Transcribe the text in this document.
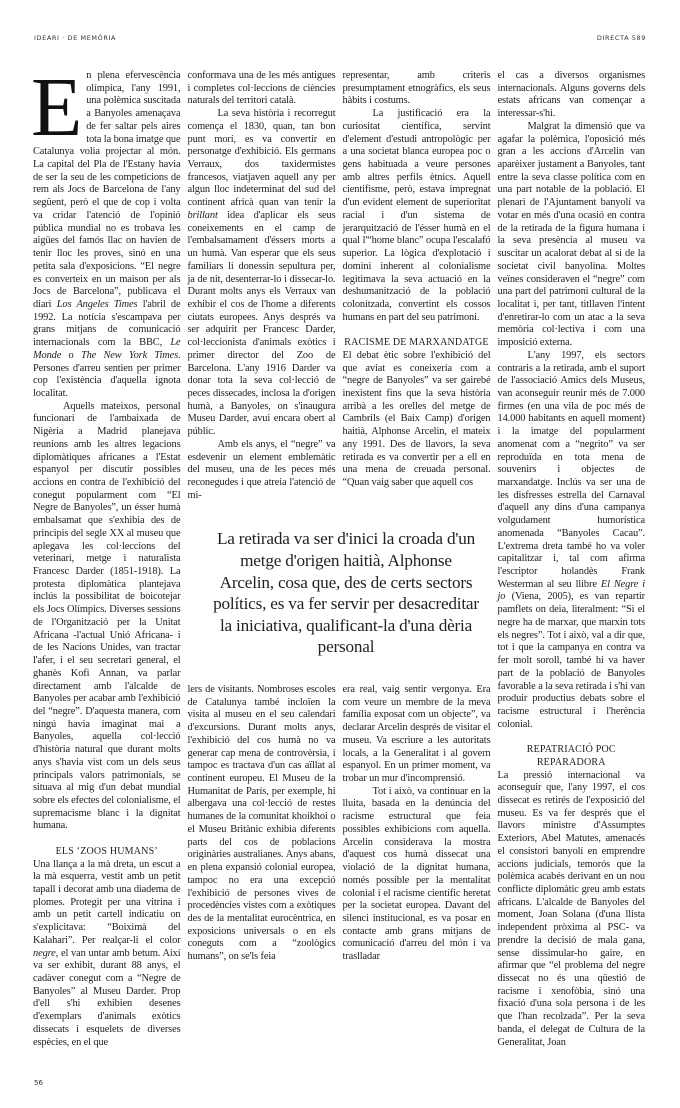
IDEARI · DE MEMÒRIA	DIRECTA 589

En plena efervescència olímpica, l'any 1991, una polèmica suscitada a Banyoles amenaçava de fer saltar pels aires tota la bona imatge que Catalunya volia projectar al món. La capital del Pla de l'Estany havia de ser la seu de les competicions de rem als Jocs de Barcelona de l'any següent, però el que de cop i volta va cridar l'atenció de l'opinió pública mundial no es trobava les aigües del famós llac on havien de tenir lloc les proves, sinó en una petita sala d'exposicions. “El negre es converteix en un maison per als Jocs de Barcelona”, publicava el diari Los Angeles Times l'abril de 1992. La notícia s'escampava per grans mitjans de comunicació internacionals com la BBC, Le Monde o The New York Times. Persones d'arreu sentien per primer cop l'existència d'aquella ignota localitat.

Aquells mateixos, personal funcionari de l'ambaixada de Nigèria a Madrid planejava reunions amb les altres legacions diplomàtiques africanes a l'Estat espanyol per discutir possibles accions en contra de l'exhibició del conegut popularment com “El Negre de Banyoles”, un ésser humà embalsamat que s'exhibia des de principis del segle XX al museu que aplegava les col·leccions del veterinari, metge i naturalista Francesc Darder (1851-1918). La protesta diplomàtica plantejava inclús la possibilitat de boicotejar els Jocs Olímpics. Diverses sessions de l'Organització per la Unitat Africana -l'actual Unió Africana- i de les Nacions Unides, van tractar l'afer, i el seu secretari general, el ghanès Kofi Annan, va parlar directament amb l'alcalde de Banyoles per acabar amb l'exhibició del “negre”. D'aquesta manera, com ningú havia imaginat mai a Banyoles, aquella col·lecció d'història natural que durant molts anys s'havia vist com un dels seus principals valors patrimonials, se situava al mig d'un debat mundial sobre els efectes del colonialisme, el supremacisme blanc i la dignitat humana.

ELS ‘ZOOS HUMANS’

Una llança a la mà dreta, un escut a la mà esquerra, vestit amb un petit tapall i decorat amb una diadema de plomes. Protegit per una vitrina i amb un petit cartell indicatiu on s'explicitava: “Boiximà del Kalahari”. Per realçar-li el color negre, el van untar amb betum. Així va ser exhibit, durant 88 anys, el cadàver conegut com a “Negre de Banyoles” al Museu Darder. Prop d'ell s'hi exhibien desenes d'exemplars d'animals exòtics dissecats i esquelets de diverses espècies, en el que

conformava una de les més antigues i completes col·leccions de ciències naturals del territori català.

La seva història i recorregut comença el 1830, quan, tan bon punt morí, es va convertir en personatge d'exhibició. Els germans Verraux, dos taxidermistes francesos, viatjaven aquell any per algun lloc indeterminat del sud del continent africà quan van tenir la brillant idea d'aplicar els seus coneixements en el camp de l'embalsamament d'éssers morts a un humà. Van esperar que els seus familiars li donessin sepultura per, ja de nit, desenterrar-lo i dissecar-lo. Durant molts anys els Verraux van exhibir el cos de l'home a diferents ciutats europees. Anys després va ser adquirit per Francesc Darder, col·leccionista d'animals exòtics i primer director del Zoo de Barcelona. L'any 1916 Darder va donar tota la seva col·lecció de peces dissecades, inclosa la d'origen humà, a Banyoles, on s'inaugura Museu Darder, avui encara obert al públic.

Amb els anys, el “negre” va esdevenir un element emblemàtic del museu, una de les peces més reconegudes i que atreia l'atenció de mi-

representar, amb criteris presumptament etnogràfics, els seus hàbits i costums.

La justificació era la curiositat científica, servint d'element d'estudi antropològic per a una societat blanca europea poc o gens habituada a veure persones amb altres perfils ètnics. Aquell cientifisme, però, estava impregnat d'un evident element de superioritat racial i d'un sistema de jerarquització de l'ésser humà en el qual l'“home blanc” ocupa l'escalafó superior. La lògica d'explotació i domini inherent al colonialisme legitimava la seva actuació en la deshumanització de la població colonitzada, convertint els cossos humans en part del seu patrimoni.

RACISME DE MARXANDATGE

El debat ètic sobre l'exhibició del que aviat es coneixeria com a “negre de Banyoles” va ser gairebé inexistent fins que la seva història arribà a les orelles del metge de Cambrils (el Baix Camp) d'origen haitià, Alphonse Arcelin, el mateix any 1991. Des de llavors, la seva retirada es va convertir per a ell en una mena de creuada personal. “Quan vaig saber que aquell cos

La retirada va ser d'inici la croada d'un metge d'origen haitià, Alphonse Arcelin, cosa que, des de certs sectors polítics, es va fer servir per desacreditar la iniciativa, qualificant-la d'una dèria personal

lers de visitants. Nombroses escoles de Catalunya també incloïen la visita al museu en el seu calendari d'excursions. Durant molts anys, l'exhibició del cos humà no va generar cap mena de controvèrsia, i tampoc es tractava d'un cas aïllat al continent europeu. El Museu de la Humanitat de París, per exemple, hi albergava una col·lecció de restes humanes de la comunitat khoikhoi o el Museu Britànic exhibia diferents parts del cos de poblacions originàries australianes. Anys abans, en plena expansió colonial europea, tampoc no era una excepció l'exhibició de persones vives de procedències vistes com a exòtiques des de la mentalitat eurocèntrica, en exposicions universals o en els coneguts com a “zoològics humans”, on se'ls feia

era real, vaig sentir vergonya. Era com veure un membre de la meva família exposat com un objecte”, va declarar Arcelin després de visitar el museu. Va escriure a les autoritats locals, a la Generalitat i al govern espanyol. En un primer moment, va trobar un mur d'incomprensió.

Tot i això, va continuar en la lluita, basada en la denúncia del racisme estructural que feia possibles exhibicions com aquella. Arcelin considerava la mostra d'aquest cos humà dissecat una violació de la dignitat humana, només possible per la mentalitat colonial i el racisme científic heretat per la societat europea. Davant del silenci institucional, es va posar en contacte amb grans mitjans de comunicació d'arreu del món i va traslladar

el cas a diversos organismes internacionals. Alguns governs dels estats africans van començar a interessar-s'hi.

Malgrat la dimensió que va agafar la polèmica, l'oposició més gran a les accions d'Arcelin van aparèixer justament a Banyoles, tant entre la seva classe política com en una part notable de la població. El plenari de l'Ajuntament banyolí va votar en més d'una ocasió en contra de la retirada de la figura humana i la seva presència al museu va suscitar un acalorat debat al si de la societat civil banyolina. Moltes veïnes consideraven el “negre” com una part del patrimoni cultural de la localitat i, per tant, titllaven l'intent d'enretirar-lo com un atac a la seva memòria col·lectiva i com una imposició externa.

L'any 1997, els sectors contraris a la retirada, amb el suport de l'associació Amics dels Museus, van aconseguir reunir més de 7.000 firmes (en una vila de poc més de 14.000 habitants en aquell moment) i la imatge del popularment anomenat com a “negrito” va ser reproduïda en tota mena de souvenirs i objectes de marxandatge. Inclús va ser una de les disfresses estrella del Carnaval d'aquell any dins d'una campanya volgudament humorística anomenada “Banyoles Cacau”. L'extrema dreta també ho va voler capitalitzar i, tal com afirma l'escriptor holandès Frank Westerman al seu llibre El Negre i jo (Viena, 2005), es van repartir pamflets on deia, literalment: “Si el negre ha de marxar, que marxin tots els negres”. Tot i això, val a dir que, tot i que la campanya en contra va fer molt soroll, també hi va haver part de la població de Banyoles favorable a la seva retirada i s'hi van produir productius debats sobre el racisme estructural i l'herència colonial.

REPATRIACIÓ POC REPARADORA

La pressió internacional va aconseguir que, l'any 1997, el cos dissecat es retirés de l'exposició del museu. Es va fer després que el llavors ministre d'Assumptes Exteriors, Abel Matutes, amenacés el consistori banyolí en emprendre accions judicials, temorós que la polèmica acabés derivant en un nou conflicte diplomàtic greu amb estats africans. L'alcalde de Banyoles del moment, Joan Solana (d'una llista independent pròxima al PSC- va prendre la decisió de mala gana, sense dissimular-ho gaire, en afirmar que “el problema del negre dissecat no és una qüestió de racisme i xenofòbia, sinó una fixació d'una sola persona i de les que l'han recolzada”. Per la seva banda, el delegat de Cultura de la Generalitat, Joan

56
